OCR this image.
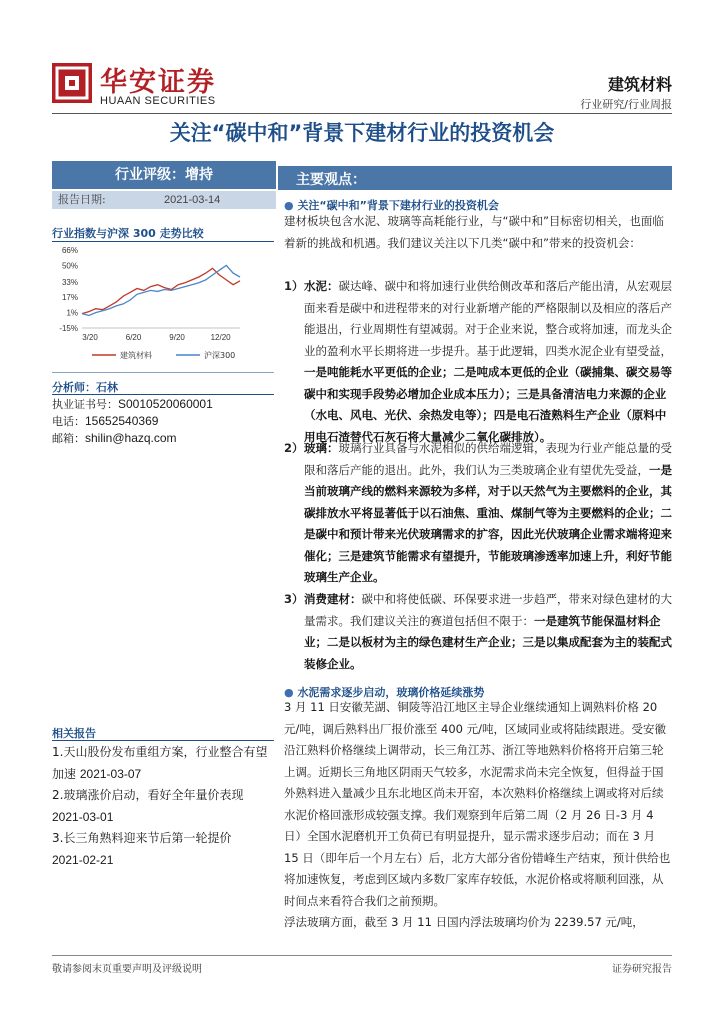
华安证券
HUAAN SECURITIES
建筑材料
行业研究/行业周报
关注“碳中和”背景下建材行业的投资机会
行业评级：增持
报告日期:	2021-03-14
行业指数与沪深 300 走势比较
66%
50%
33%
17%
1%
-15%
3/20	6/20	9/20	12/20
建筑材料	沪深300
分析师：石林
执业证书号：S0010520060001
电话：15652540369
邮箱：shilin@hazq.com
相关报告
1.天山股份发布重组方案，行业整合有望加速 2021-03-07
2.玻璃涨价启动，看好全年量价表现
2021-03-01
3.长三角熟料迎来节后第一轮提价
2021-02-21
主要观点：
● 关注“碳中和”背景下建材行业的投资机会

建材板块包含水泥、玻璃等高耗能行业，与“碳中和”目标密切相关，也面临着新的挑战和机遇。我们建议关注以下几类“碳中和”带来的投资机会：

1） 水泥：碳达峰、碳中和将加速行业供给侧改革和落后产能出清，从宏观层面来看是碳中和进程带来的对行业新增产能的严格限制以及相应的落后产能退出，行业周期性有望减弱。对于企业来说，整合或将加速，而龙头企业的盈利水平长期将进一步提升。基于此逻辑，四类水泥企业有望受益，一是吨能耗水平更低的企业；二是吨成本更低的企业（碳捕集、碳交易等碳中和实现手段势必增加企业成本压力）；三是具备清洁电力来源的企业（水电、风电、光伏、余热发电等）；四是电石渣熟料生产企业（原料中用电石渣替代石灰石将大量减少二氧化碳排放）。
2） 玻璃：玻璃行业具备与水泥相似的供给端逻辑，表现为行业产能总量的受限和落后产能的退出。此外，我们认为三类玻璃企业有望优先受益，一是当前玻璃产线的燃料来源较为多样，对于以天然气为主要燃料的企业，其碳排放水平将显著低于以石油焦、重油、煤制气等为主要燃料的企业；二是碳中和预计带来光伏玻璃需求的扩容，因此光伏玻璃企业需求端将迎来催化；三是建筑节能需求有望提升，节能玻璃渗透率加速上升，利好节能玻璃生产企业。
3） 消费建材：碳中和将使低碳、环保要求进一步趋严，带来对绿色建材的大量需求。我们建议关注的赛道包括但不限于：一是建筑节能保温材料企业；二是以板材为主的绿色建材生产企业；三是以集成配套为主的装配式装修企业。
● 水泥需求逐步启动，玻璃价格延续涨势

3 月 11 日安徽芜湖、铜陵等沿江地区主导企业继续通知上调熟料价格 20 元/吨，调后熟料出厂报价涨至 400 元/吨，区域同业或将陆续跟进。受安徽沿江熟料价格继续上调带动，长三角江苏、浙江等地熟料价格将开启第三轮上调。近期长三角地区阴雨天气较多，水泥需求尚未完全恢复，但得益于国外熟料进入量减少且东北地区尚未开窑，本次熟料价格继续上调或将对后续水泥价格回涨形成较强支撑。我们观察到年后第二周（2 月 26 日-3 月 4 日）全国水泥磨机开工负荷已有明显提升，显示需求逐步启动；而在 3 月 15 日（即年后一个月左右）后，北方大部分省份错峰生产结束，预计供给也将加速恢复，考虑到区域内多数厂家库存较低，水泥价格或将顺利回涨，从时间点来看符合我们之前预期。

浮法玻璃方面，截至 3 月 11 日国内浮法玻璃均价为 2239.57 元/吨，

敬请参阅末页重要声明及评级说明	证券研究报告
